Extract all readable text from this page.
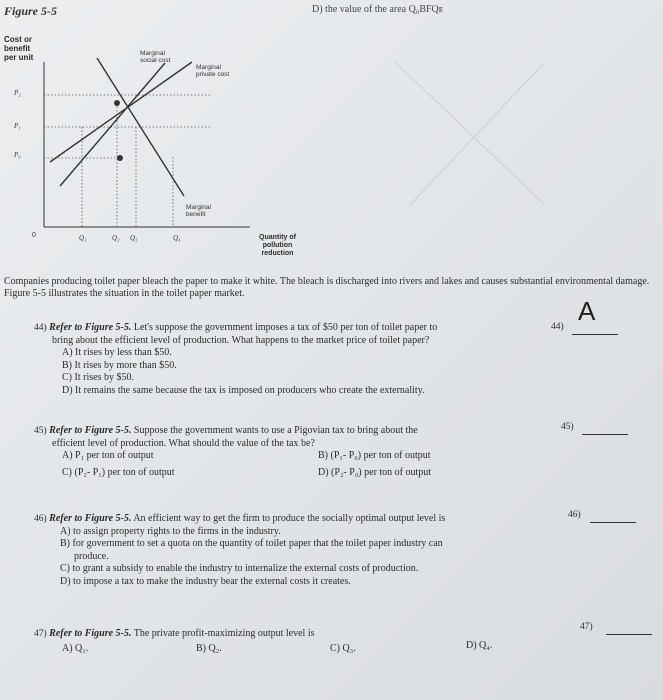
Figure 5-5	D) the value of the area Q₀BFQᴇ
Cost or
benefit
per unit	Marginal
social cost
Marginal
private cost
Marginal
benefit
P₂
P₁
P₀
0	Q₁	Q₂ Q₃	Q₄	Quantity of
pollution
reduction
Companies producing toilet paper bleach the paper to make it white. The bleach is discharged into rivers and lakes and causes substantial environmental damage. Figure 5-5 illustrates the situation in the toilet paper market.
44) Refer to Figure 5-5. Let's suppose the government imposes a tax of $50 per ton of toilet paper to
bring about the efficient level of production. What happens to the market price of toilet paper?
A) It rises by less than $50.
B) It rises by more than $50.
C) It rises by $50.
D) It remains the same because the tax is imposed on producers who create the externality.
44)
A
45) Refer to Figure 5-5. Suppose the government wants to use a Pigovian tax to bring about the
efficient level of production. What should the value of the tax be?
A) P₁ per ton of output	B) (P₁- P₀) per ton of output
C) (P₂- P₁) per ton of output	D) (P₂- P₀) per ton of output
45)
46) Refer to Figure 5-5. An efficient way to get the firm to produce the socially optimal output level is
A) to assign property rights to the firms in the industry.
B) for government to set a quota on the quantity of toilet paper that the toilet paper industry can
produce.
C) to grant a subsidy to enable the industry to internalize the external costs of production.
D) to impose a tax to make the industry bear the external costs it creates.
46)
47) Refer to Figure 5-5. The private profit-maximizing output level is
A) Q₁.	B) Q₂.	C) Q₃.	D) Q₄.
47)
